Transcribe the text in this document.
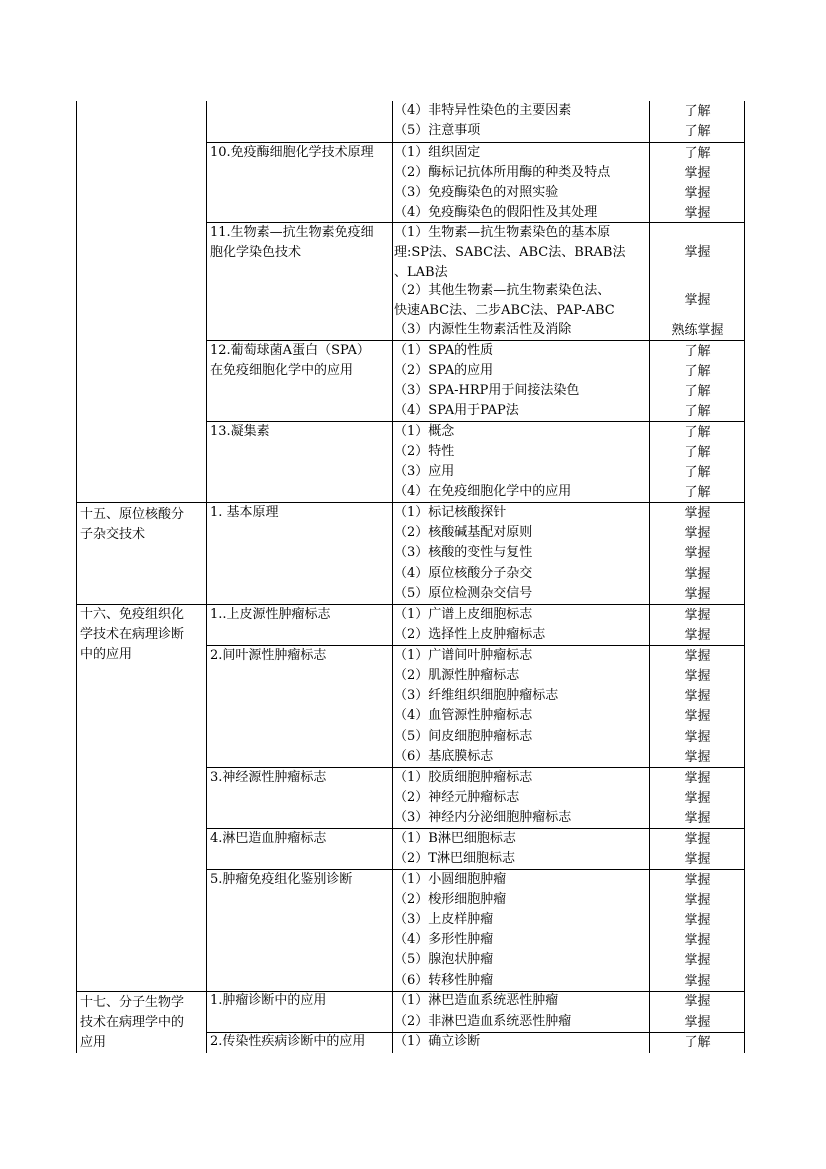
十五、原位核酸分
子杂交技术
十六、免疫组织化
学技术在病理诊断
中的应用
十七、分子生物学
技术在病理学中的
应用
10.免疫酶细胞化学技术原理
11.生物素—抗生物素免疫细
胞化学染色技术
12.葡萄球菌A蛋白（SPA）
在免疫细胞化学中的应用
13.凝集素
1. 基本原理
1..上皮源性肿瘤标志
2.间叶源性肿瘤标志
3.神经源性肿瘤标志
4.淋巴造血肿瘤标志
5.肿瘤免疫组化鉴别诊断
1.肿瘤诊断中的应用
2.传染性疾病诊断中的应用
（4）非特异性染色的主要因素
（5）注意事项
（1）组织固定
（2）酶标记抗体所用酶的种类及特点
（3）免疫酶染色的对照实验
（4）免疫酶染色的假阳性及其处理
（1）生物素—抗生物素染色的基本原
理:SP法、SABC法、ABC法、BRAB法
、LAB法
（2）其他生物素—抗生物素染色法、
快速ABC法、二步ABC法、PAP-ABC
（3）内源性生物素活性及消除
（1）SPA的性质
（2）SPA的应用
（3）SPA-HRP用于间接法染色
（4）SPA用于PAP法
（1）概念
（2）特性
（3）应用
（4）在免疫细胞化学中的应用
（1）标记核酸探针
（2）核酸碱基配对原则
（3）核酸的变性与复性
（4）原位核酸分子杂交
（5）原位检测杂交信号
（1）广谱上皮细胞标志
（2）选择性上皮肿瘤标志
（1）广谱间叶肿瘤标志
（2）肌源性肿瘤标志
（3）纤维组织细胞肿瘤标志
（4）血管源性肿瘤标志
（5）间皮细胞肿瘤标志
（6）基底膜标志
（1）胶质细胞肿瘤标志
（2）神经元肿瘤标志
（3）神经内分泌细胞肿瘤标志
（1）B淋巴细胞标志
（2）T淋巴细胞标志
（1）小圆细胞肿瘤
（2）梭形细胞肿瘤
（3）上皮样肿瘤
（4）多形性肿瘤
（5）腺泡状肿瘤
（6）转移性肿瘤
（1）淋巴造血系统恶性肿瘤
（2）非淋巴造血系统恶性肿瘤
（1）确立诊断
了解
了解
了解
掌握
掌握
掌握
掌握
掌握
熟练掌握
了解
了解
了解
了解
了解
了解
了解
了解
掌握
掌握
掌握
掌握
掌握
掌握
掌握
掌握
掌握
掌握
掌握
掌握
掌握
掌握
掌握
掌握
掌握
掌握
掌握
掌握
掌握
掌握
掌握
掌握
掌握
掌握
了解
